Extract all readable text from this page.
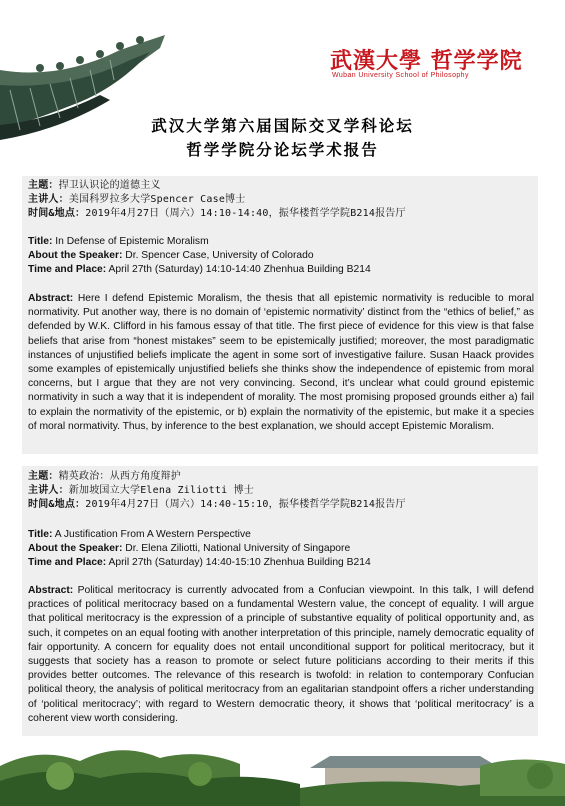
武漢大學 哲学学院
Wuban University School of Philosophy
武汉大学第六届国际交叉学科论坛
哲学学院分论坛学术报告
主题：捍卫认识论的道德主义
主讲人：美国科罗拉多大学Spencer Case博士
时间&地点：2019年4月27日（周六）14:10-14:40，振华楼哲学学院B214报告厅
Title: In Defense of Epistemic Moralism
About the Speaker: Dr. Spencer Case, University of Colorado
Time and Place: April 27th (Saturday) 14:10-14:40 Zhenhua Building B214
Abstract: Here I defend Epistemic Moralism, the thesis that all epistemic normativity is reducible to moral normativity. Put another way, there is no domain of ‘epistemic normativity’ distinct from the “ethics of belief,” as defended by W.K. Clifford in his famous essay of that title. The first piece of evidence for this view is that false beliefs that arise from “honest mistakes” seem to be epistemically justified; moreover, the most paradigmatic instances of unjustified beliefs implicate the agent in some sort of investigative failure. Susan Haack provides some examples of epistemically unjustified beliefs she thinks show the independence of epistemic from moral concerns, but I argue that they are not very convincing. Second, it’s unclear what could ground epistemic normativity in such a way that it is independent of morality. The most promising proposed grounds either a) fail to explain the normativity of the epistemic, or b) explain the normativity of the epistemic, but make it a species of moral normativity. Thus, by inference to the best explanation, we should accept Epistemic Moralism.
主题：精英政治：从西方角度辩护
主讲人：新加坡国立大学Elena Ziliotti 博士
时间&地点：2019年4月27日（周六）14:40-15:10，振华楼哲学学院B214报告厅
Title: A Justification From A Western Perspective
About the Speaker: Dr. Elena Ziliotti, National University of Singapore
Time and Place: April 27th (Saturday) 14:40-15:10 Zhenhua Building B214
Abstract: Political meritocracy is currently advocated from a Confucian viewpoint. In this talk, I will defend practices of political meritocracy based on a fundamental Western value, the concept of equality. I will argue that political meritocracy is the expression of a principle of substantive equality of political opportunity and, as such, it competes on an equal footing with another interpretation of this principle, namely democratic equality of fair opportunity. A concern for equality does not entail unconditional support for political meritocracy, but it suggests that society has a reason to promote or select future politicians according to their merits if this provides better outcomes. The relevance of this research is twofold: in relation to contemporary Confucian political theory, the analysis of political meritocracy from an egalitarian standpoint offers a richer understanding of ‘political meritocracy’; with regard to Western democratic theory, it shows that ‘political meritocracy’ is a coherent view worth considering.
